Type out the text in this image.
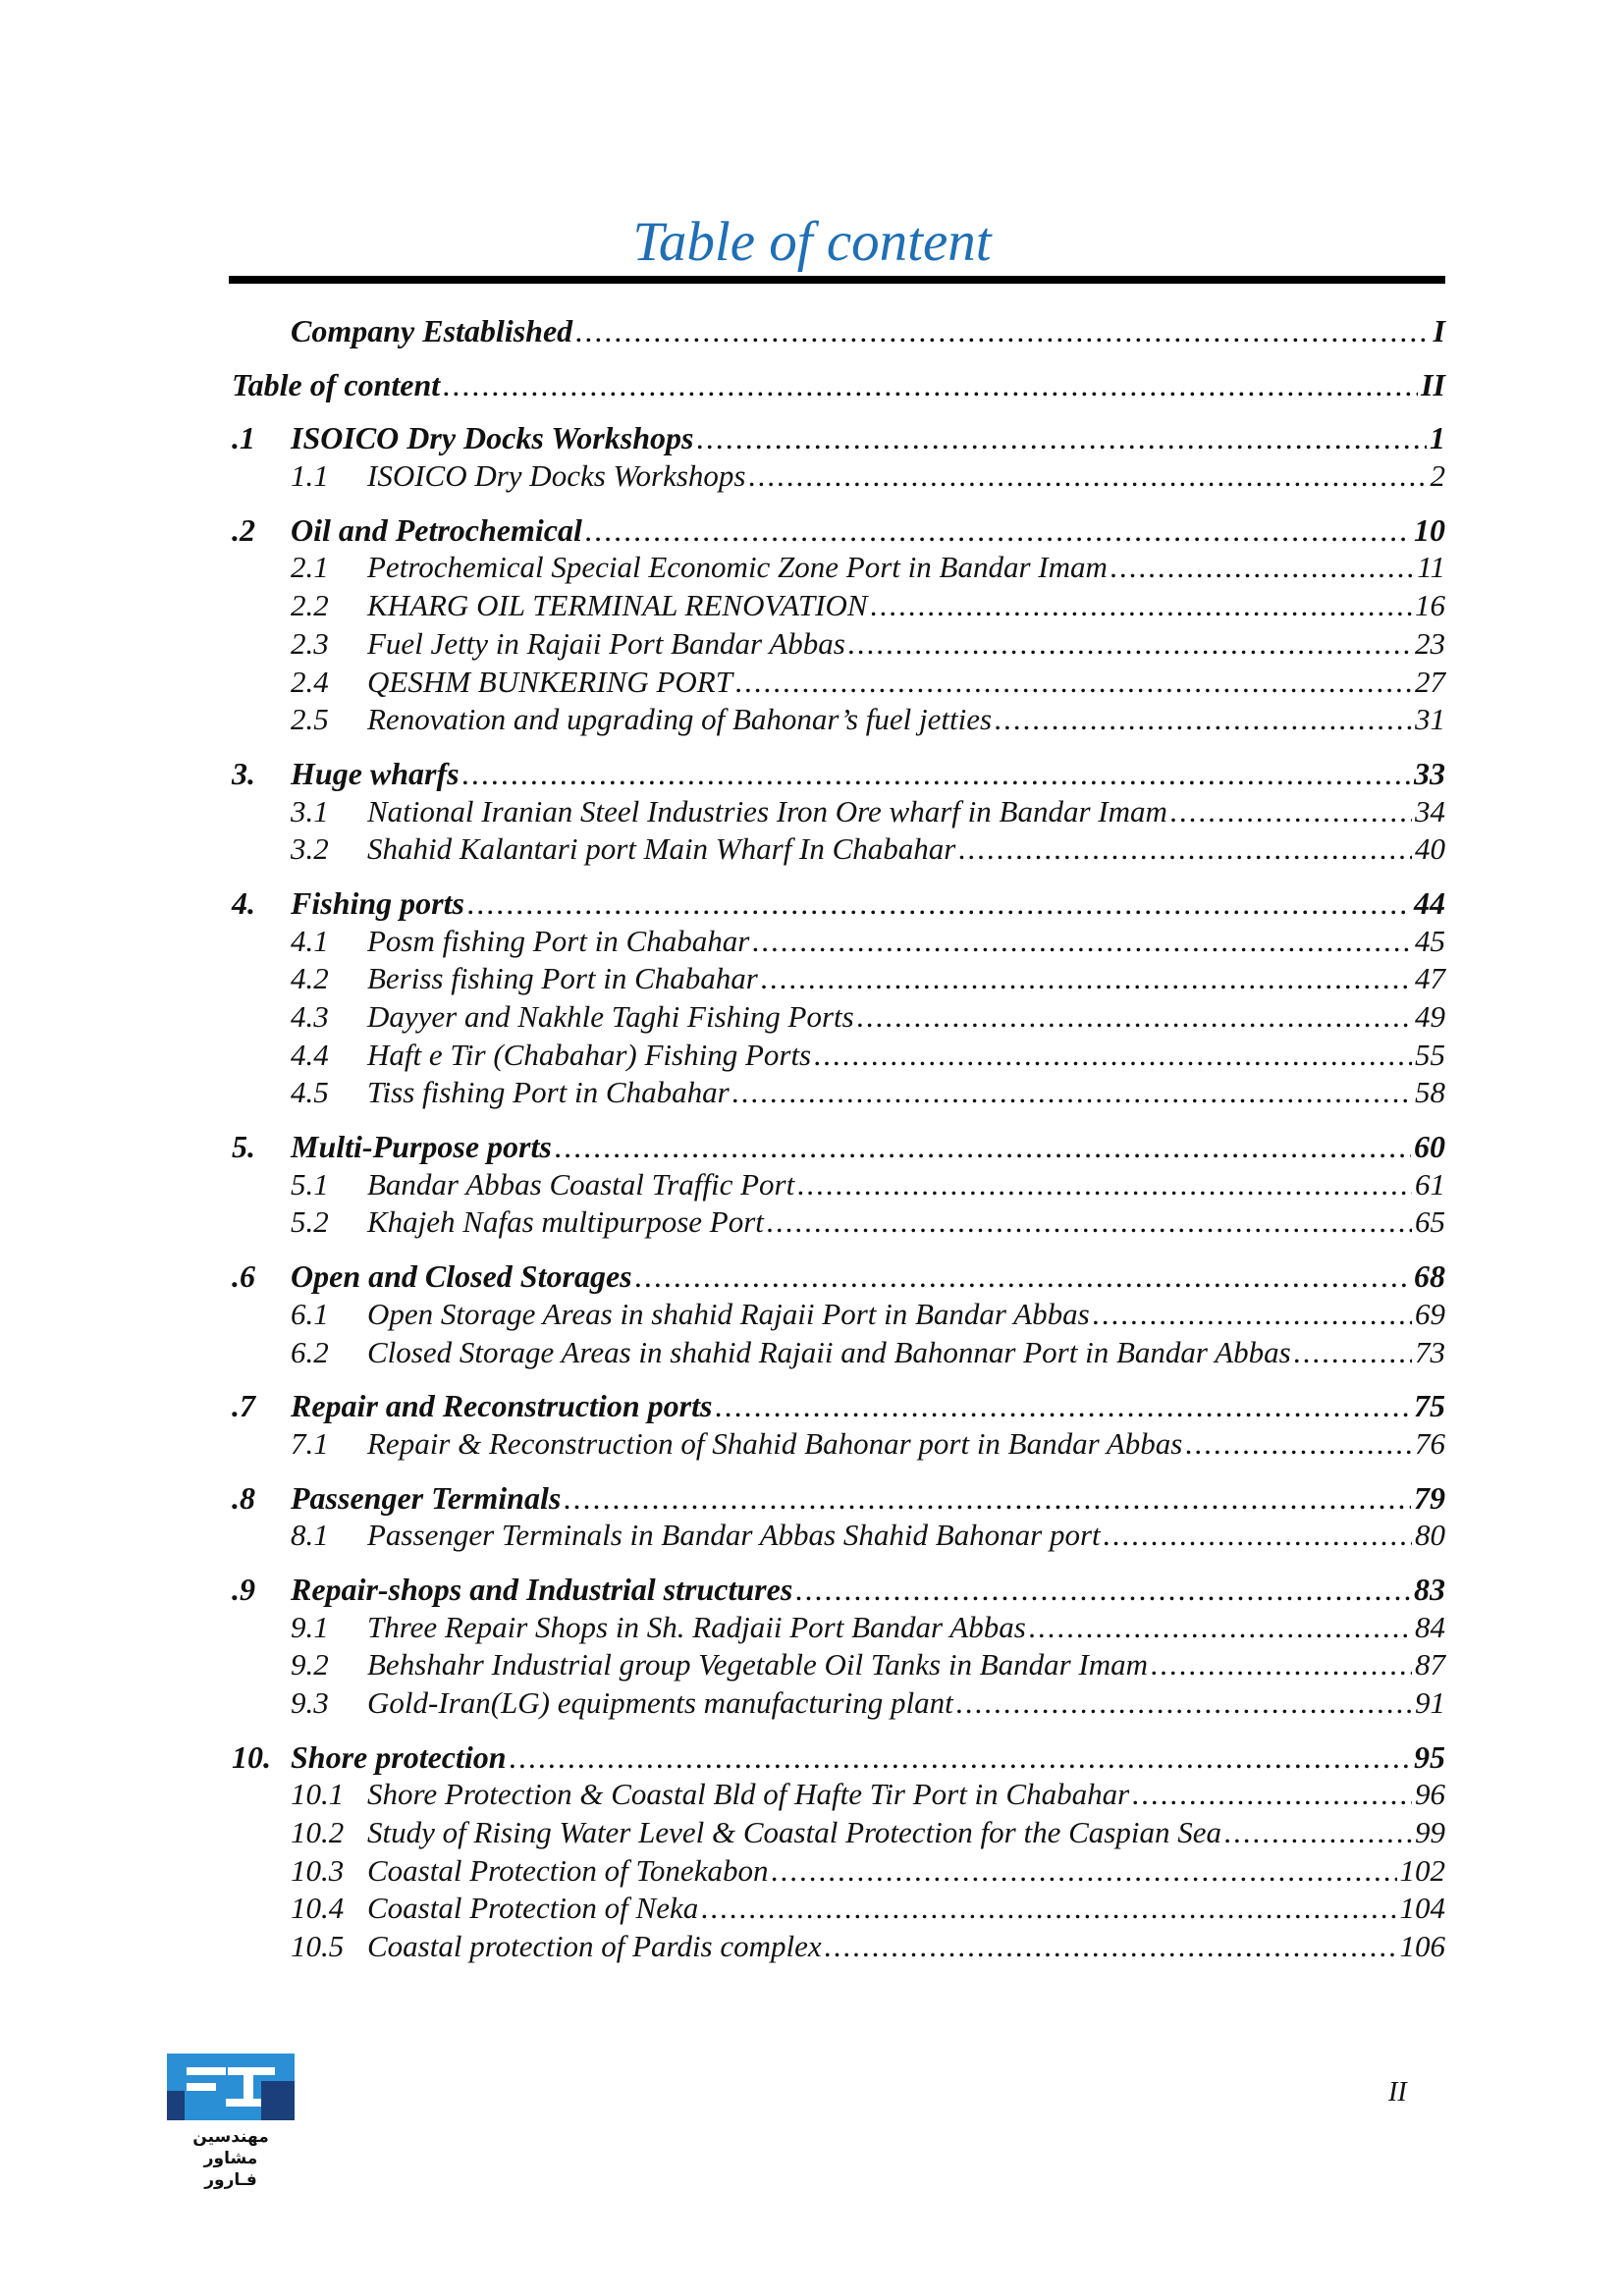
Table of content
Company Established .....	I
Table of content .....	II
.1	ISOICO Dry Docks Workshops .....	1
1.1	ISOICO Dry Docks Workshops .....	2
.2	Oil and Petrochemical .....	10
2.1	Petrochemical Special Economic Zone Port in Bandar Imam .....	11
2.2	KHARG OIL TERMINAL RENOVATION .....	16
2.3	Fuel Jetty in Rajaii Port Bandar Abbas .....	23
2.4	QESHM BUNKERING PORT .....	27
2.5	Renovation and upgrading of Bahonar’s fuel jetties .....	31
3.	Huge wharfs .....	33
3.1	National Iranian Steel Industries Iron Ore wharf in Bandar Imam .....	34
3.2	Shahid Kalantari port Main Wharf In Chabahar .....	40
4.	Fishing ports .....	44
4.1	Posm fishing Port in Chabahar .....	45
4.2	Beriss fishing Port in Chabahar .....	47
4.3	Dayyer and Nakhle Taghi Fishing Ports .....	49
4.4	Haft e Tir (Chabahar) Fishing Ports .....	55
4.5	Tiss fishing Port in Chabahar .....	58
5.	Multi-Purpose ports .....	60
5.1	Bandar Abbas Coastal Traffic Port .....	61
5.2	Khajeh Nafas multipurpose Port .....	65
.6	Open and Closed Storages .....	68
6.1	Open Storage Areas in shahid Rajaii Port in Bandar Abbas .....	69
6.2	Closed Storage Areas in shahid Rajaii and Bahonnar Port in Bandar Abbas .....	73
.7	Repair and Reconstruction ports .....	75
7.1	Repair & Reconstruction of Shahid Bahonar port in Bandar Abbas .....	76
.8	Passenger Terminals .....	79
8.1	Passenger Terminals in Bandar Abbas Shahid Bahonar port .....	80
.9	Repair-shops and Industrial structures .....	83
9.1	Three Repair Shops in Sh. Radjaii Port Bandar Abbas .....	84
9.2	Behshahr Industrial group Vegetable Oil Tanks in Bandar Imam .....	87
9.3	Gold-Iran(LG) equipments manufacturing plant .....	91
10. Shore protection .....	95
10.1 Shore Protection & Coastal Bld of Hafte Tir Port in Chabahar .....	96
10.2 Study of Rising Water Level & Coastal Protection for the Caspian Sea .....	99
10.3 Coastal Protection of Tonekabon .....	102
10.4 Coastal Protection of Neka .....	104
10.5 Coastal protection of Pardis complex .....	106
مهندسین مشاور
فـارور
II
